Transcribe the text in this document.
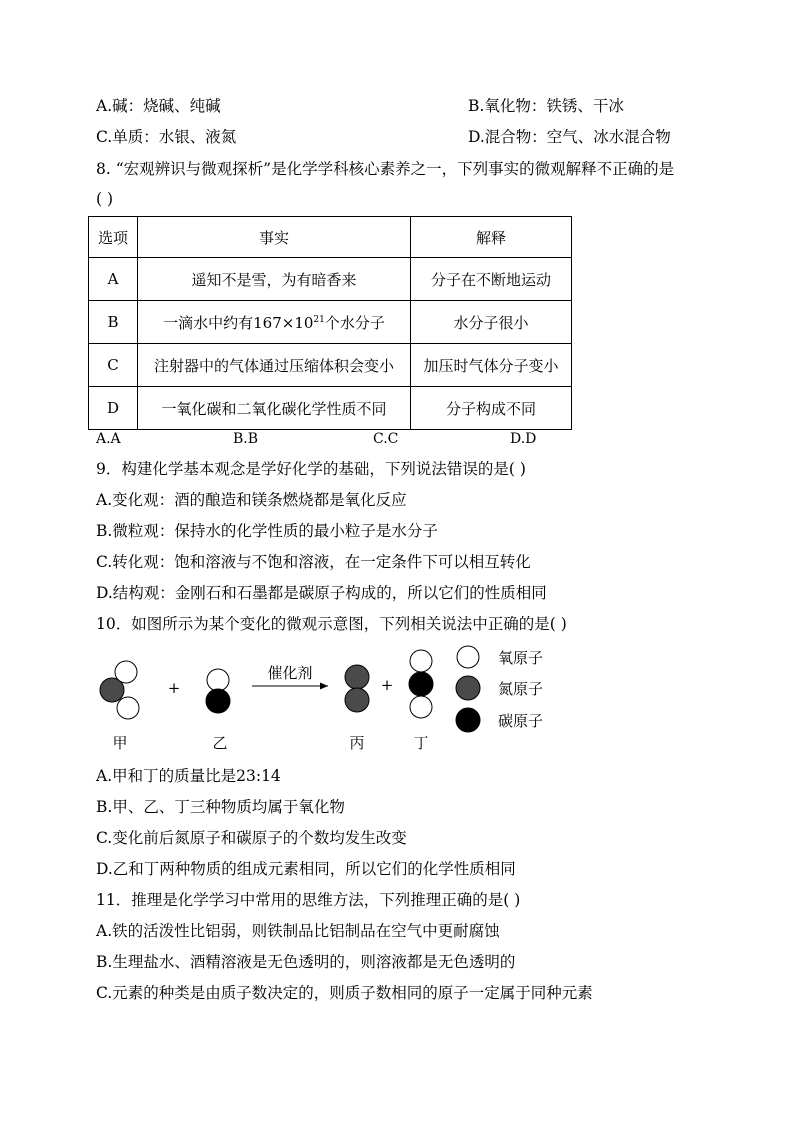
A.碱：烧碱、纯碱	B.氧化物：铁锈、干冰
C.单质：水银、液氮	D.混合物：空气、冰水混合物
8. “宏观辨识与微观探析”是化学学科核心素养之一，下列事实的微观解释不正确的是
( )
选项	事实	解释
A	遥知不是雪，为有暗香来	分子在不断地运动
B	一滴水中约有$167\times 10^{21}$个水分子	水分子很小
C	注射器中的气体通过压缩体积会变小	加压时气体分子变小
D	一氧化碳和二氧化碳化学性质不同	分子构成不同
A.A	B.B	C.C	D.D
9．构建化学基本观念是学好化学的基础，下列说法错误的是( )
A.变化观：酒的酿造和镁条燃烧都是氧化反应
B.微粒观：保持水的化学性质的最小粒子是水分子
C.转化观：饱和溶液与不饱和溶液，在一定条件下可以相互转化
D.结构观：金刚石和石墨都是碳原子构成的，所以它们的性质相同
10．如图所示为某个变化的微观示意图，下列相关说法中正确的是( )
+
催化剂
+
甲	乙	丙	丁
氧原子
氮原子
碳原子
A.甲和丁的质量比是23:14
B.甲、乙、丁三种物质均属于氧化物
C.变化前后氮原子和碳原子的个数均发生改变
D.乙和丁两种物质的组成元素相同，所以它们的化学性质相同
11．推理是化学学习中常用的思维方法，下列推理正确的是( )
A.铁的活泼性比铝弱，则铁制品比铝制品在空气中更耐腐蚀
B.生理盐水、酒精溶液是无色透明的，则溶液都是无色透明的
C.元素的种类是由质子数决定的，则质子数相同的原子一定属于同种元素
